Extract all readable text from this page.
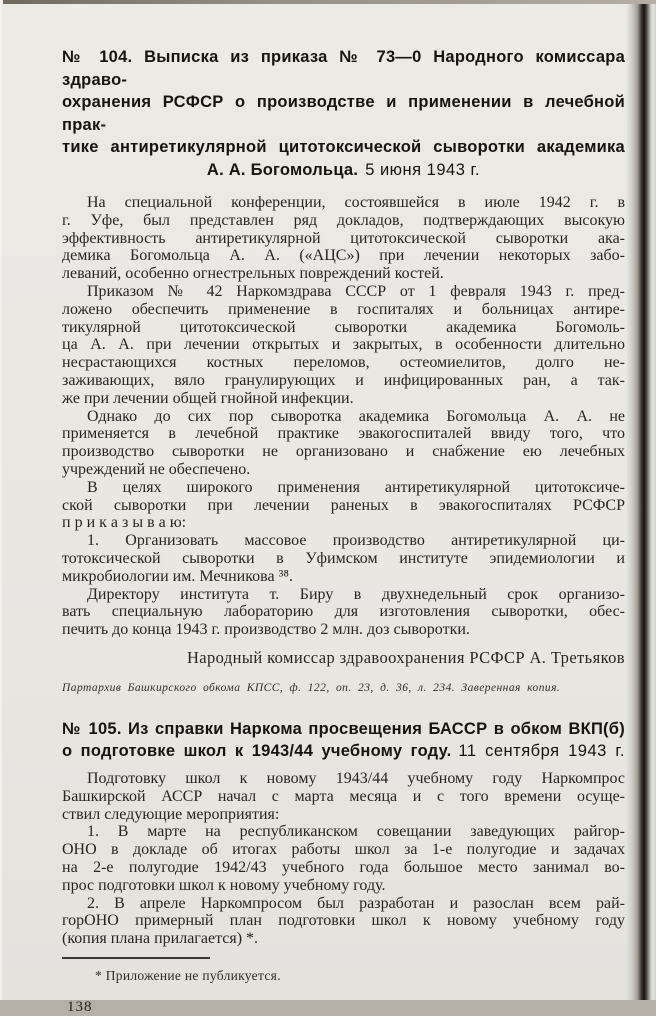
№ 104. Выписка из приказа № 73—0 Народного комиссара здраво-
охранения РСФСР о производстве и применении в лечебной прак-
тике антиретикулярной цитотоксической сыворотки академика
А. А. Богомольца. 5 июня 1943 г.

На специальной конференции, состоявшейся в июле 1942 г. в
г. Уфе, был представлен ряд докладов, подтверждающих высокую
эффективность антиретикулярной цитотоксической сыворотки ака-
демика Богомольца А. А. («АЦС») при лечении некоторых забо-
леваний, особенно огнестрельных повреждений костей.

Приказом № 42 Наркомздрава СССР от 1 февраля 1943 г. пред-
ложено обеспечить применение в госпиталях и больницах антире-
тикулярной цитотоксической сыворотки академика Богомоль-
ца А. А. при лечении открытых и закрытых, в особенности длительно
несрастающихся костных переломов, остеомиелитов, долго не-
заживающих, вяло гранулирующих и инфицированных ран, а так-
же при лечении общей гнойной инфекции.

Однако до сих пор сыворотка академика Богомольца А. А. не
применяется в лечебной практике эвакогоспиталей ввиду того, что
производство сыворотки не организовано и снабжение ею лечебных
учреждений не обеспечено.

В целях широкого применения антиретикулярной цитотоксиче-
ской сыворотки при лечении раненых в эвакогоспиталях РСФСР
п р и к а з ы в а ю:

1. Организовать массовое производство антиретикулярной ци-
тотоксической сыворотки в Уфимском институте эпидемиологии и
микробиологии им. Мечникова ³⁸.

Директору института т. Биру в двухнедельный срок организо-
вать специальную лабораторию для изготовления сыворотки, обес-
печить до конца 1943 г. производство 2 млн. доз сыворотки.

Народный комиссар здравоохранения РСФСР А. Третьяков
Партархив Башкирского обкома КПСС, ф. 122, оп. 23, д. 36, л. 234. Заверенная копия.
№ 105. Из справки Наркома просвещения БАССР в обком ВКП(б)
о подготовке школ к 1943/44 учебному году. 11 сентября 1943 г.

Подготовку школ к новому 1943/44 учебному году Наркомпрос
Башкирской АССР начал с марта месяца и с того времени осуще-
ствил следующие мероприятия:

1. В марте на республиканском совещании заведующих райгор-
ОНО в докладе об итогах работы школ за 1-е полугодие и задачах
на 2-е полугодие 1942/43 учебного года большое место занимал во-
прос подготовки школ к новому учебному году.

2. В апреле Наркомпросом был разработан и разослан всем рай-
горОНО примерный план подготовки школ к новому учебному году
(копия плана прилагается) *.

* Приложение не публикуется.
138
